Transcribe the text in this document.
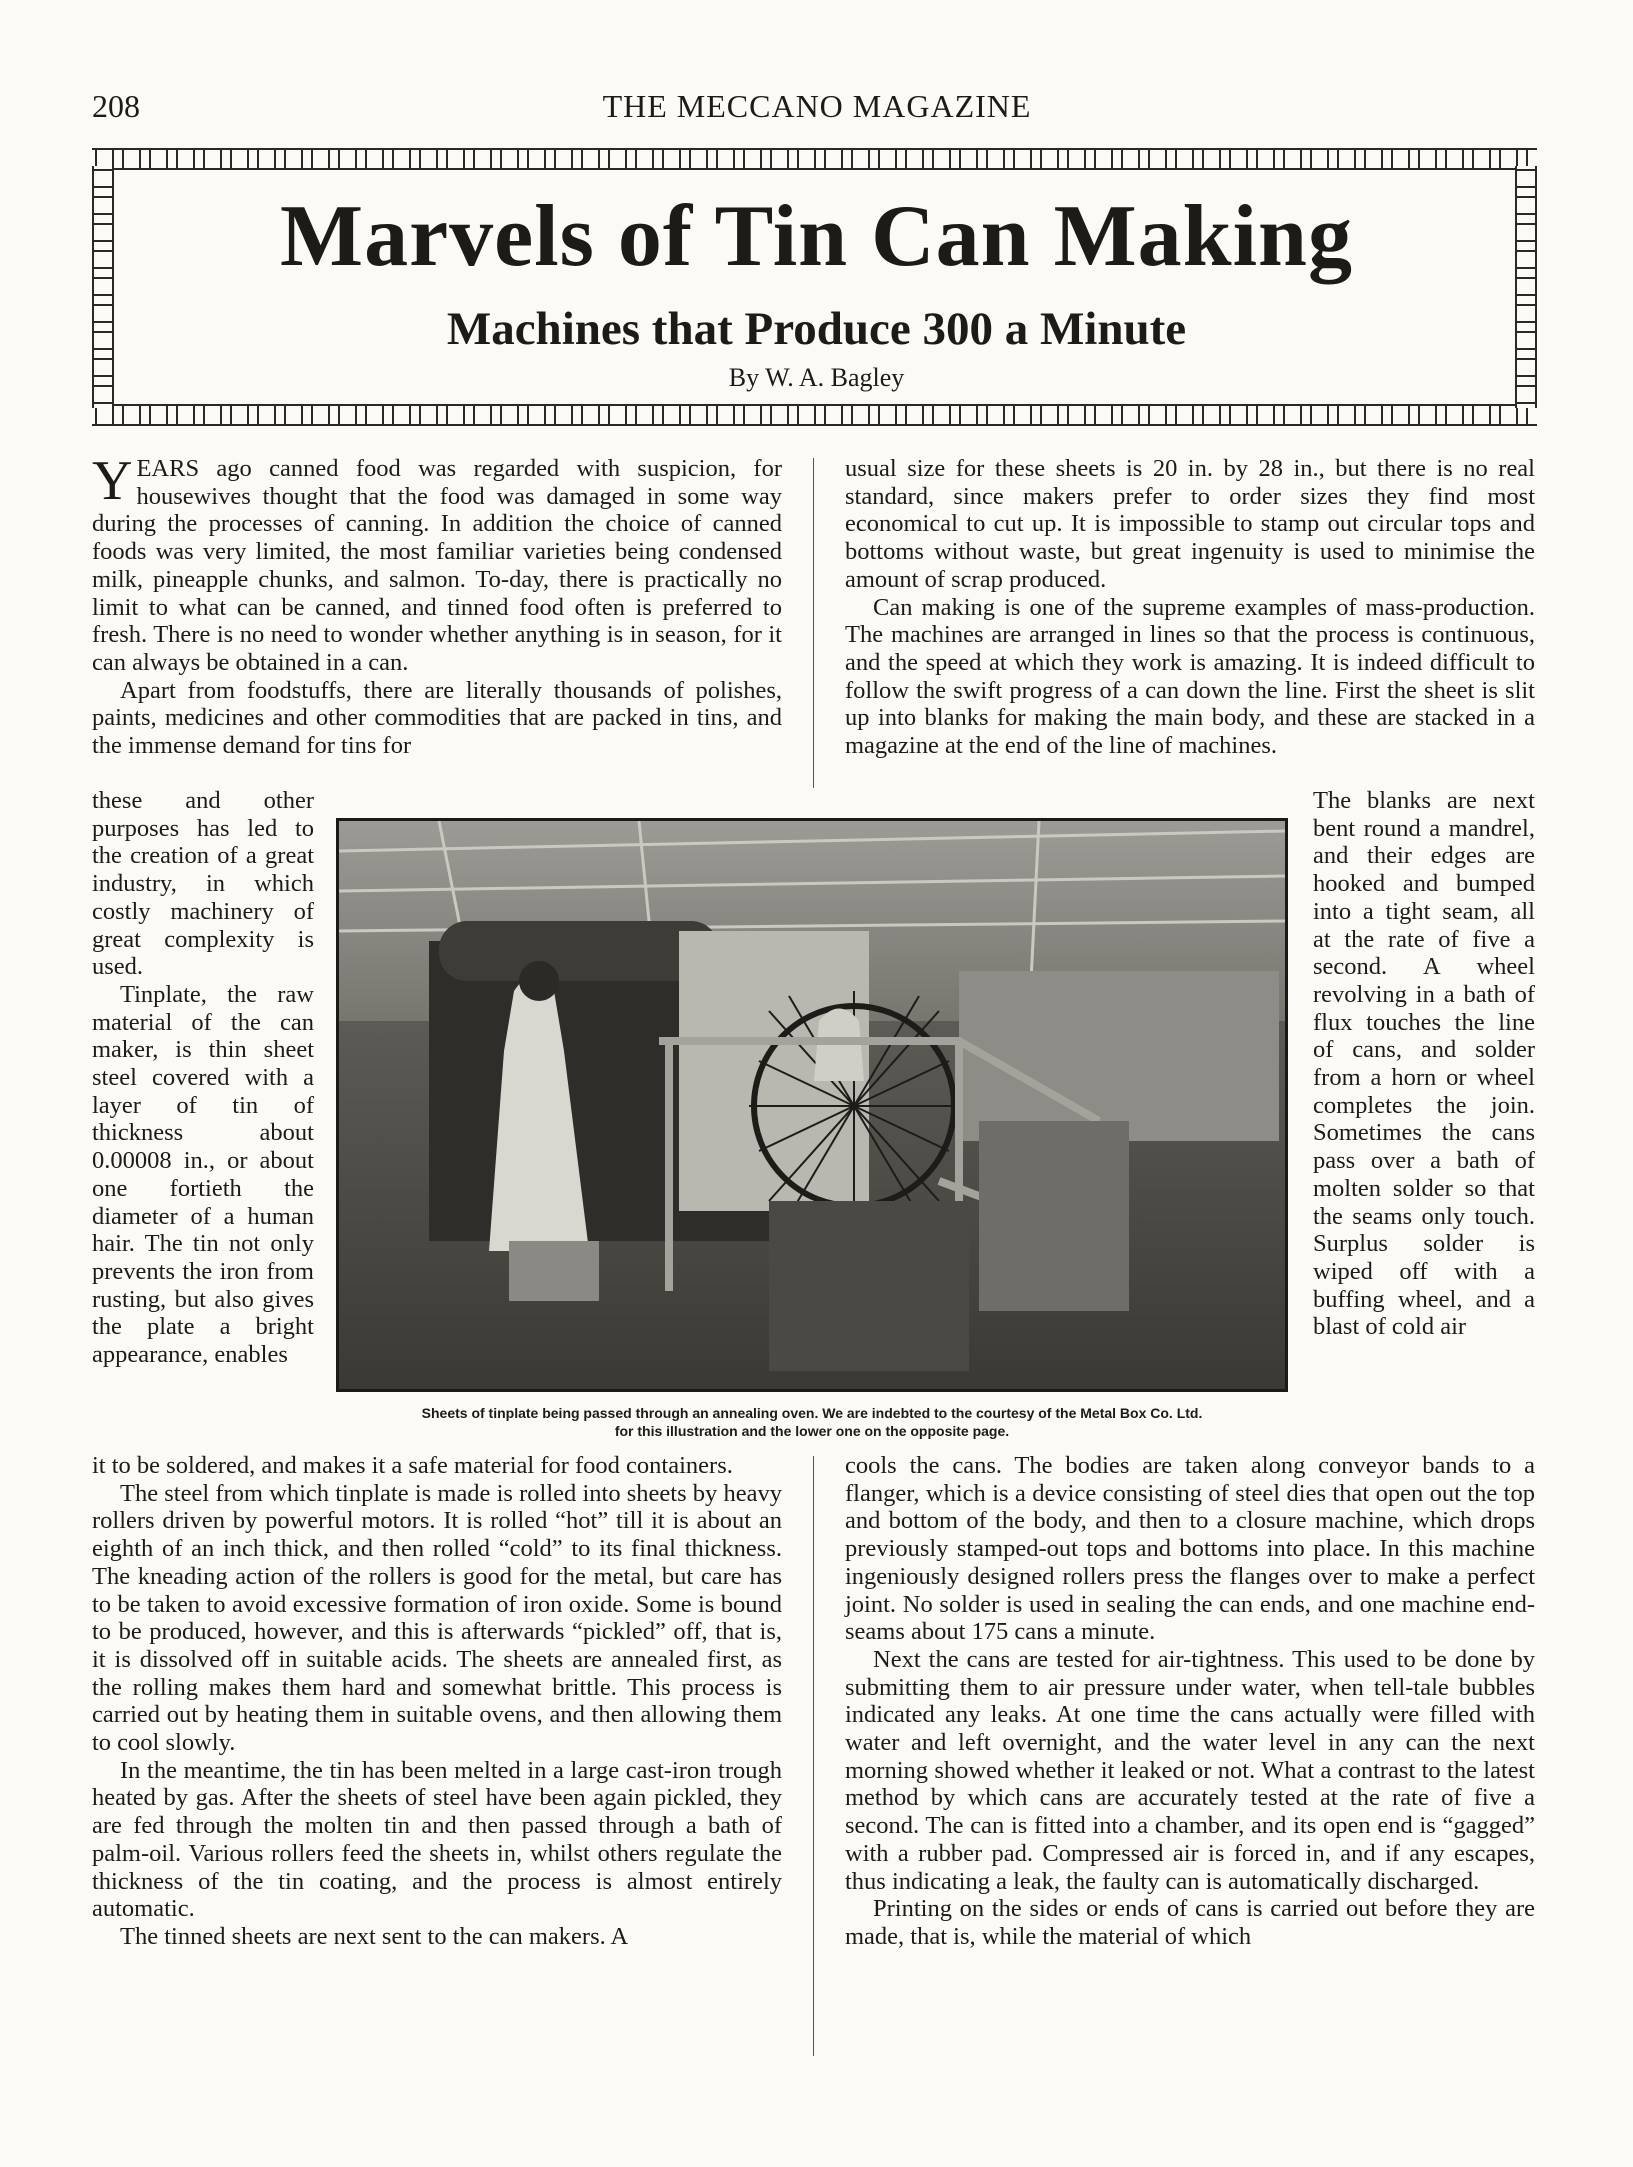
208	THE MECCANO MAGAZINE
Marvels of Tin Can Making
Machines that Produce 300 a Minute
By W. A. Bagley

YEARS ago canned food was regarded with suspicion, for housewives thought that the food was damaged in some way during the processes of canning. In addition the choice of canned foods was very limited, the most familiar varieties being condensed milk, pineapple chunks, and salmon. To-day, there is practically no limit to what can be canned, and tinned food often is preferred to fresh. There is no need to wonder whether anything is in season, for it can always be obtained in a can.

Apart from foodstuffs, there are literally thousands of polishes, paints, medicines and other commodities that are packed in tins, and the immense demand for tins for

these and other purposes has led to the creation of a great industry, in which costly machinery of great complexity is used.

Tinplate, the raw material of the can maker, is thin sheet steel covered with a layer of tin of thickness about 0.00008 in., or about one fortieth the diameter of a human hair. The tin not only prevents the iron from rusting, but also gives the plate a bright appearance, enables

it to be soldered, and makes it a safe material for food containers.

The steel from which tinplate is made is rolled into sheets by heavy rollers driven by powerful motors. It is rolled “hot” till it is about an eighth of an inch thick, and then rolled “cold” to its final thickness. The kneading action of the rollers is good for the metal, but care has to be taken to avoid excessive formation of iron oxide. Some is bound to be produced, however, and this is afterwards “pickled” off, that is, it is dissolved off in suitable acids. The sheets are annealed first, as the rolling makes them hard and somewhat brittle. This process is carried out by heating them in suitable ovens, and then allowing them to cool slowly.

In the meantime, the tin has been melted in a large cast-iron trough heated by gas. After the sheets of steel have been again pickled, they are fed through the molten tin and then passed through a bath of palm-oil. Various rollers feed the sheets in, whilst others regulate the thickness of the tin coating, and the process is almost entirely automatic.

The tinned sheets are next sent to the can makers. A

usual size for these sheets is 20 in. by 28 in., but there is no real standard, since makers prefer to order sizes they find most economical to cut up. It is impossible to stamp out circular tops and bottoms without waste, but great ingenuity is used to minimise the amount of scrap produced.

Can making is one of the supreme examples of mass-production. The machines are arranged in lines so that the process is continuous, and the speed at which they work is amazing. It is indeed difficult to follow the swift progress of a can down the line. First the sheet is slit up into blanks for making the main body, and these are stacked in a magazine at the end of the line of machines.

The blanks are next bent round a mandrel, and their edges are hooked and bumped into a tight seam, all at the rate of five a second. A wheel revolving in a bath of flux touches the line of cans, and solder from a horn or wheel completes the join. Sometimes the cans pass over a bath of molten solder so that the seams only touch. Surplus solder is wiped off with a buffing wheel, and a blast of cold air

cools the cans. The bodies are taken along conveyor bands to a flanger, which is a device consisting of steel dies that open out the top and bottom of the body, and then to a closure machine, which drops previously stamped-out tops and bottoms into place. In this machine ingeniously designed rollers press the flanges over to make a perfect joint. No solder is used in sealing the can ends, and one machine end-seams about 175 cans a minute.

Next the cans are tested for air-tightness. This used to be done by submitting them to air pressure under water, when tell-tale bubbles indicated any leaks. At one time the cans actually were filled with water and left overnight, and the water level in any can the next morning showed whether it leaked or not. What a contrast to the latest method by which cans are accurately tested at the rate of five a second. The can is fitted into a chamber, and its open end is “gagged” with a rubber pad. Compressed air is forced in, and if any escapes, thus indicating a leak, the faulty can is automatically discharged.

Printing on the sides or ends of cans is carried out before they are made, that is, while the material of which

Sheets of tinplate being passed through an annealing oven. We are indebted to the courtesy of the Metal Box Co. Ltd.
for this illustration and the lower one on the opposite page.
